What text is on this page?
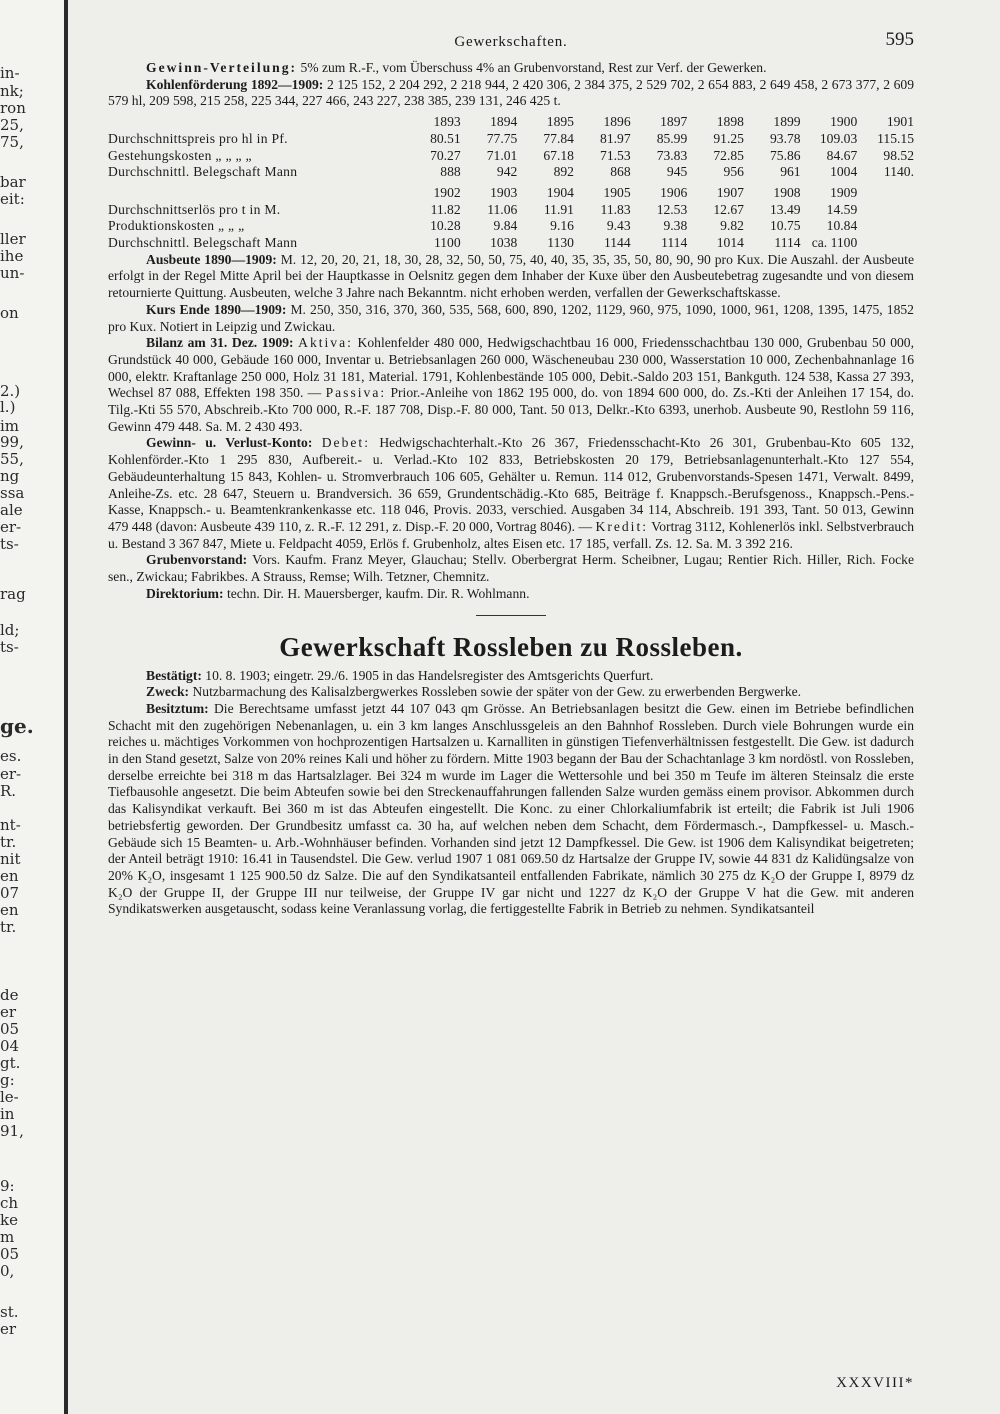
in-
nk;
ron
25,
75,
bar
eit:
ller
ihe
un-
on
2.)
l.)
im
99,
55,
ng
ssa
ale
er-
ts-
rag
ld;
ts-
ge.
es.
er-
R.
nt-
tr.
nit
en
07
en
tr.
de
er
05
04
gt.
g:
le-
in
91,
9:
ch
ke
m
05
0,
st.
er
Gewerkschaften.	595

Gewinn-Verteilung: 5% zum R.-F., vom Überschuss 4% an Grubenvorstand, Rest zur Verf. der Gewerken.

Kohlenförderung 1892—1909: 2 125 152, 2 204 292, 2 218 944, 2 420 306, 2 384 375, 2 529 702, 2 654 883, 2 649 458, 2 673 377, 2 609 579 hl, 209 598, 215 258, 225 344, 227 466, 243 227, 238 385, 239 131, 246 425 t.

	1893	1894	1895	1896	1897	1898	1899	1900	1901
Durchschnittspreis pro hl in Pf.	80.51	77.75	77.84	81.97	85.99	91.25	93.78	109.03	115.15
Gestehungskosten „ „ „ „	70.27	71.01	67.18	71.53	73.83	72.85	75.86	84.67	98.52
Durchschnittl. Belegschaft Mann	888	942	892	868	945	956	961	1004	1140.
	1902	1903	1904	1905	1906	1907	1908	1909	
Durchschnittserlös pro t in M.	11.82	11.06	11.91	11.83	12.53	12.67	13.49	14.59	
Produktionskosten „ „ „	10.28	9.84	9.16	9.43	9.38	9.82	10.75	10.84	
Durchschnittl. Belegschaft Mann	1100	1038	1130	1144	1114	1014	1114	ca. 1100	

Ausbeute 1890—1909: M. 12, 20, 20, 21, 18, 30, 28, 32, 50, 50, 75, 40, 40, 35, 35, 35, 50, 80, 90, 90 pro Kux. Die Auszahl. der Ausbeute erfolgt in der Regel Mitte April bei der Hauptkasse in Oelsnitz gegen dem Inhaber der Kuxe über den Ausbeutebetrag zugesandte und von diesem retournierte Quittung. Ausbeuten, welche 3 Jahre nach Bekanntm. nicht erhoben werden, verfallen der Gewerkschaftskasse.

Kurs Ende 1890—1909: M. 250, 350, 316, 370, 360, 535, 568, 600, 890, 1202, 1129, 960, 975, 1090, 1000, 961, 1208, 1395, 1475, 1852 pro Kux. Notiert in Leipzig und Zwickau.

Bilanz am 31. Dez. 1909: Aktiva: Kohlenfelder 480 000, Hedwigschachtbau 16 000, Friedensschachtbau 130 000, Grubenbau 50 000, Grundstück 40 000, Gebäude 160 000, Inventar u. Betriebsanlagen 260 000, Wäscheneubau 230 000, Wasserstation 10 000, Zechenbahnanlage 16 000, elektr. Kraftanlage 250 000, Holz 31 181, Material. 1791, Kohlenbestände 105 000, Debit.-Saldo 203 151, Bankguth. 124 538, Kassa 27 393, Wechsel 87 088, Effekten 198 350. — Passiva: Prior.-Anleihe von 1862 195 000, do. von 1894 600 000, do. Zs.-Kti der Anleihen 17 154, do. Tilg.-Kti 55 570, Abschreib.-Kto 700 000, R.-F. 187 708, Disp.-F. 80 000, Tant. 50 013, Delkr.-Kto 6393, unerhob. Ausbeute 90, Restlohn 59 116, Gewinn 479 448. Sa. M. 2 430 493.

Gewinn- u. Verlust-Konto: Debet: Hedwigschachterhalt.-Kto 26 367, Friedensschacht-Kto 26 301, Grubenbau-Kto 605 132, Kohlenförder.-Kto 1 295 830, Aufbereit.- u. Verlad.-Kto 102 833, Betriebskosten 20 179, Betriebsanlagenunterhalt.-Kto 127 554, Gebäudeunterhaltung 15 843, Kohlen- u. Stromverbrauch 106 605, Gehälter u. Remun. 114 012, Grubenvorstands-Spesen 1471, Verwalt. 8499, Anleihe-Zs. etc. 28 647, Steuern u. Brandversich. 36 659, Grundentschädig.-Kto 685, Beiträge f. Knappsch.-Berufsgenoss., Knappsch.-Pens.-Kasse, Knappsch.- u. Beamtenkrankenkasse etc. 118 046, Provis. 2033, verschied. Ausgaben 34 114, Abschreib. 191 393, Tant. 50 013, Gewinn 479 448 (davon: Ausbeute 439 110, z. R.-F. 12 291, z. Disp.-F. 20 000, Vortrag 8046). — Kredit: Vortrag 3112, Kohlenerlös inkl. Selbstverbrauch u. Bestand 3 367 847, Miete u. Feldpacht 4059, Erlös f. Grubenholz, altes Eisen etc. 17 185, verfall. Zs. 12. Sa. M. 3 392 216.

Grubenvorstand: Vors. Kaufm. Franz Meyer, Glauchau; Stellv. Oberbergrat Herm. Scheibner, Lugau; Rentier Rich. Hiller, Rich. Focke sen., Zwickau; Fabrikbes. A Strauss, Remse; Wilh. Tetzner, Chemnitz.

Direktorium: techn. Dir. H. Mauersberger, kaufm. Dir. R. Wohlmann.

Gewerkschaft Rossleben zu Rossleben.

Bestätigt: 10. 8. 1903; eingetr. 29./6. 1905 in das Handelsregister des Amtsgerichts Querfurt.

Zweck: Nutzbarmachung des Kalisalzbergwerkes Rossleben sowie der später von der Gew. zu erwerbenden Bergwerke.

Besitztum: Die Berechtsame umfasst jetzt 44 107 043 qm Grösse. An Betriebsanlagen besitzt die Gew. einen im Betriebe befindlichen Schacht mit den zugehörigen Nebenanlagen, u. ein 3 km langes Anschlussgeleis an den Bahnhof Rossleben. Durch viele Bohrungen wurde ein reiches u. mächtiges Vorkommen von hochprozentigen Hartsalzen u. Karnalliten in günstigen Tiefenverhältnissen festgestellt. Die Gew. ist dadurch in den Stand gesetzt, Salze von 20% reines Kali und höher zu fördern. Mitte 1903 begann der Bau der Schachtanlage 3 km nordöstl. von Rossleben, derselbe erreichte bei 318 m das Hartsalzlager. Bei 324 m wurde im Lager die Wettersohle und bei 350 m Teufe im älteren Steinsalz die erste Tiefbausohle angesetzt. Die beim Abteufen sowie bei den Streckenauffahrungen fallenden Salze wurden gemäss einem provisor. Abkommen durch das Kalisyndikat verkauft. Bei 360 m ist das Abteufen eingestellt. Die Konc. zu einer Chlorkaliumfabrik ist erteilt; die Fabrik ist Juli 1906 betriebsfertig geworden. Der Grundbesitz umfasst ca. 30 ha, auf welchen neben dem Schacht, dem Fördermasch.-, Dampfkessel- u. Masch.-Gebäude sich 15 Beamten- u. Arb.-Wohnhäuser befinden. Vorhanden sind jetzt 12 Dampfkessel. Die Gew. ist 1906 dem Kalisyndikat beigetreten; der Anteil beträgt 1910: 16.41 in Tausendstel. Die Gew. verlud 1907 1 081 069.50 dz Hartsalze der Gruppe IV, sowie 44 831 dz Kalidüngsalze von 20% K₂O, insgesamt 1 125 900.50 dz Salze. Die auf den Syndikatsanteil entfallenden Fabrikate, nämlich 30 275 dz K₂O der Gruppe I, 8979 dz K₂O der Gruppe II, der Gruppe III nur teilweise, der Gruppe IV gar nicht und 1227 dz K₂O der Gruppe V hat die Gew. mit anderen Syndikatswerken ausgetauscht, sodass keine Veranlassung vorlag, die fertiggestellte Fabrik in Betrieb zu nehmen. Syndikatsanteil

XXXVIII*
